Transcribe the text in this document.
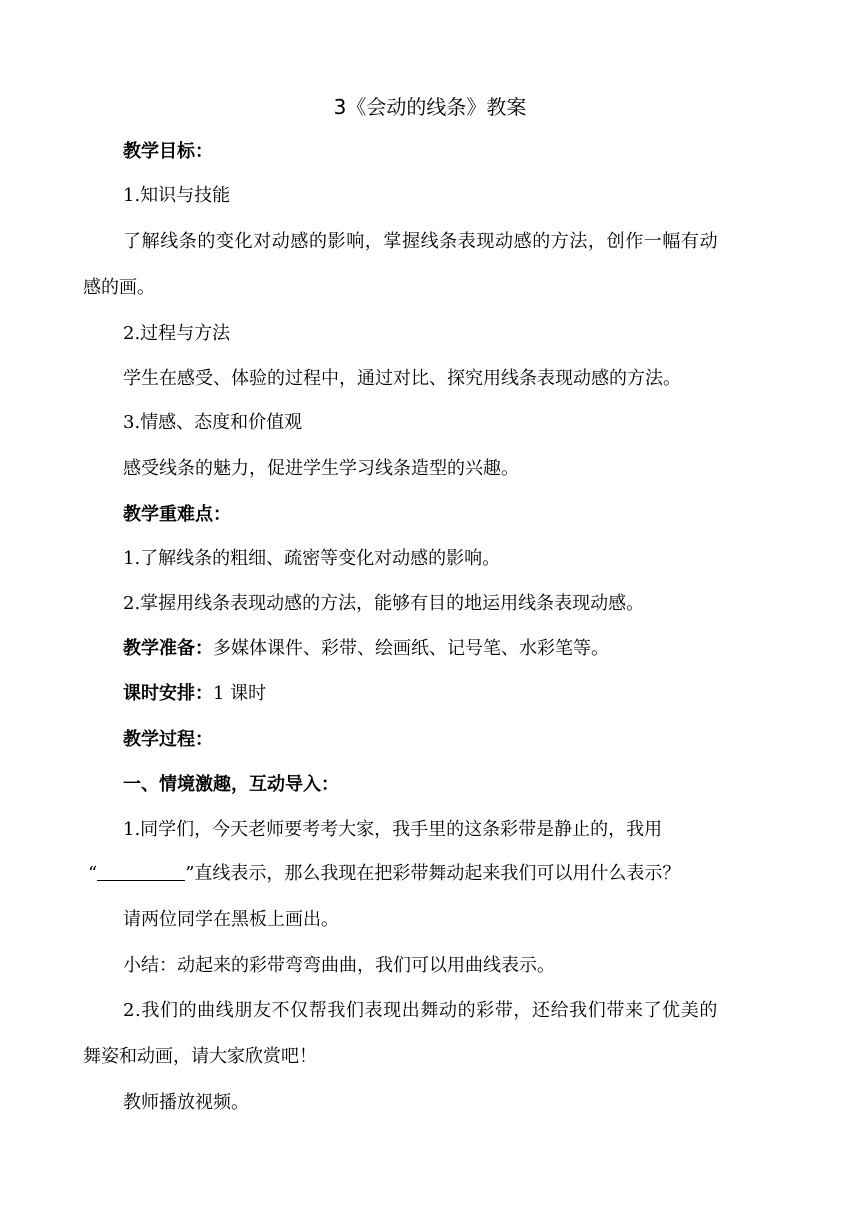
3《会动的线条》教案
教学目标：
1.知识与技能
了解线条的变化对动感的影响，掌握线条表现动感的方法，创作一幅有动
感的画。
2.过程与方法
学生在感受、体验的过程中，通过对比、探究用线条表现动感的方法。
3.情感、态度和价值观
感受线条的魅力，促进学生学习线条造型的兴趣。
教学重难点：
1.了解线条的粗细、疏密等变化对动感的影响。
2.掌握用线条表现动感的方法，能够有目的地运用线条表现动感。
教学准备：多媒体课件、彩带、绘画纸、记号笔、水彩笔等。
课时安排：1 课时
教学过程：
一、情境激趣，互动导入：
1.同学们，今天老师要考考大家，我手里的这条彩带是静止的，我用
“	”直线表示，那么我现在把彩带舞动起来我们可以用什么表示？
请两位同学在黑板上画出。
小结：动起来的彩带弯弯曲曲，我们可以用曲线表示。
2.我们的曲线朋友不仅帮我们表现出舞动的彩带，还给我们带来了优美的
舞姿和动画，请大家欣赏吧！
教师播放视频。
